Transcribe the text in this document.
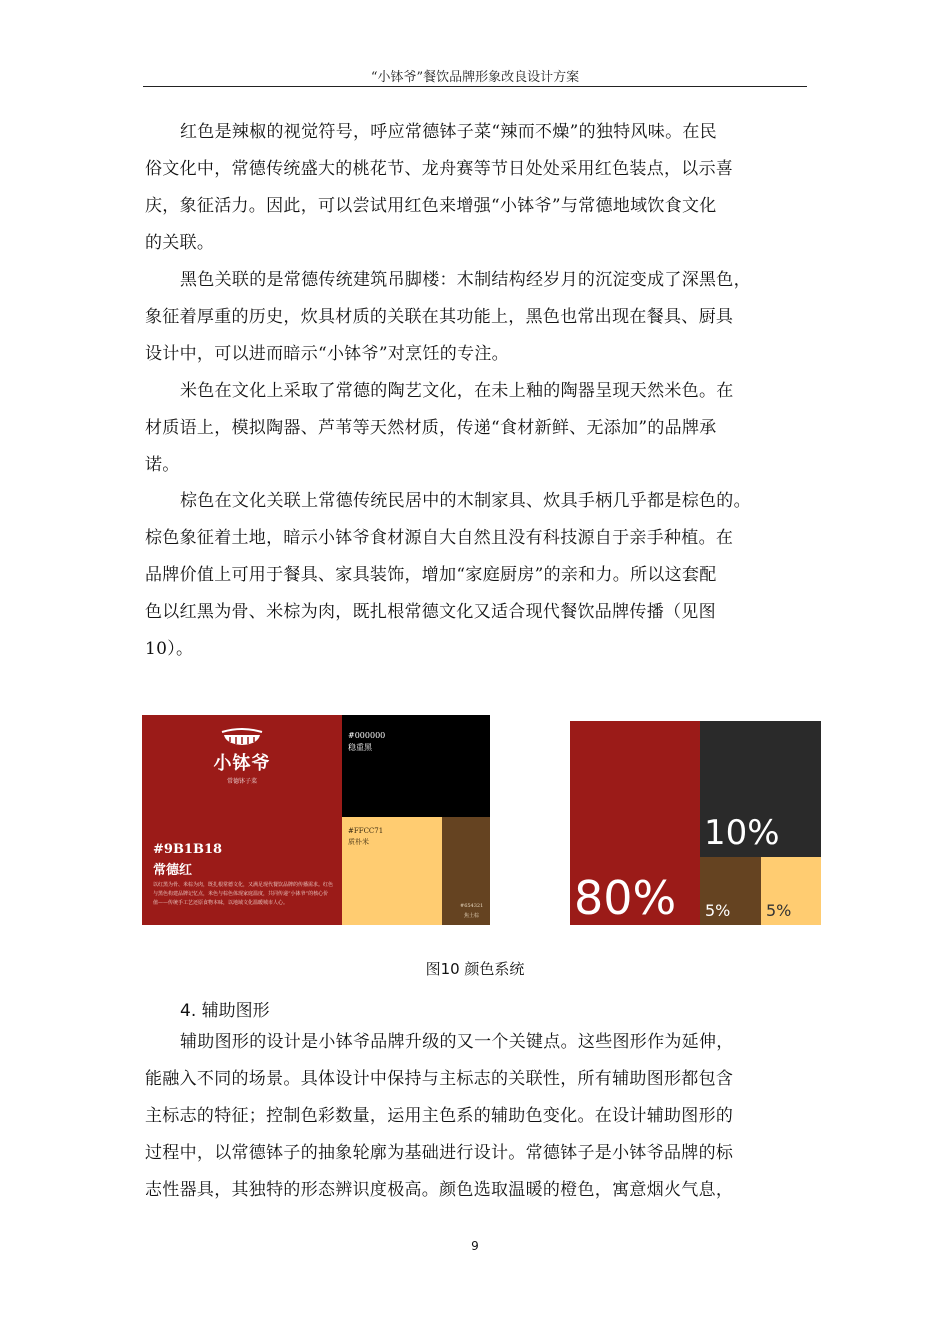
“小钵爷”餐饮品牌形象改良设计方案
红色是辣椒的视觉符号，呼应常德钵子菜“辣而不燥”的独特风味。在民
俗文化中，常德传统盛大的桃花节、龙舟赛等节日处处采用红色装点，以示喜
庆，象征活力。因此，可以尝试用红色来增强“小钵爷”与常德地域饮食文化
的关联。
黑色关联的是常德传统建筑吊脚楼：木制结构经岁月的沉淀变成了深黑色，
象征着厚重的历史，炊具材质的关联在其功能上，黑色也常出现在餐具、厨具
设计中，可以进而暗示“小钵爷”对烹饪的专注。
米色在文化上采取了常德的陶艺文化，在未上釉的陶器呈现天然米色。在
材质语上，模拟陶器、芦苇等天然材质，传递“食材新鲜、无添加”的品牌承
诺。
棕色在文化关联上常德传统民居中的木制家具、炊具手柄几乎都是棕色的。
棕色象征着土地，暗示小钵爷食材源自大自然且没有科技源自于亲手种植。在
品牌价值上可用于餐具、家具装饰，增加“家庭厨房”的亲和力。所以这套配
色以红黑为骨、米棕为肉，既扎根常德文化又适合现代餐饮品牌传播（见图
10）。
小钵爷
常德钵子菜
#9B1B18
常德红
以红黑为骨、米棕为肉，既扎根常德文化，又满足现代餐饮品牌的传播需求。红色与黑色构建品牌记忆点，米色与棕色体现家庭温度，共同传递“小钵爷”的核心价值——传统手工艺还原食物本味，以地域文化温暖城市人心。
#000000
稳重黑
#FFCC71
质朴米
#654321
焦土棕 80%
10%
5% 5%
图10 颜色系统
4. 辅助图形
辅助图形的设计是小钵爷品牌升级的又一个关键点。这些图形作为延伸，
能融入不同的场景。具体设计中保持与主标志的关联性，所有辅助图形都包含
主标志的特征；控制色彩数量，运用主色系的辅助色变化。在设计辅助图形的
过程中，以常德钵子的抽象轮廓为基础进行设计。常德钵子是小钵爷品牌的标
志性器具，其独特的形态辨识度极高。颜色选取温暖的橙色，寓意烟火气息，
9
